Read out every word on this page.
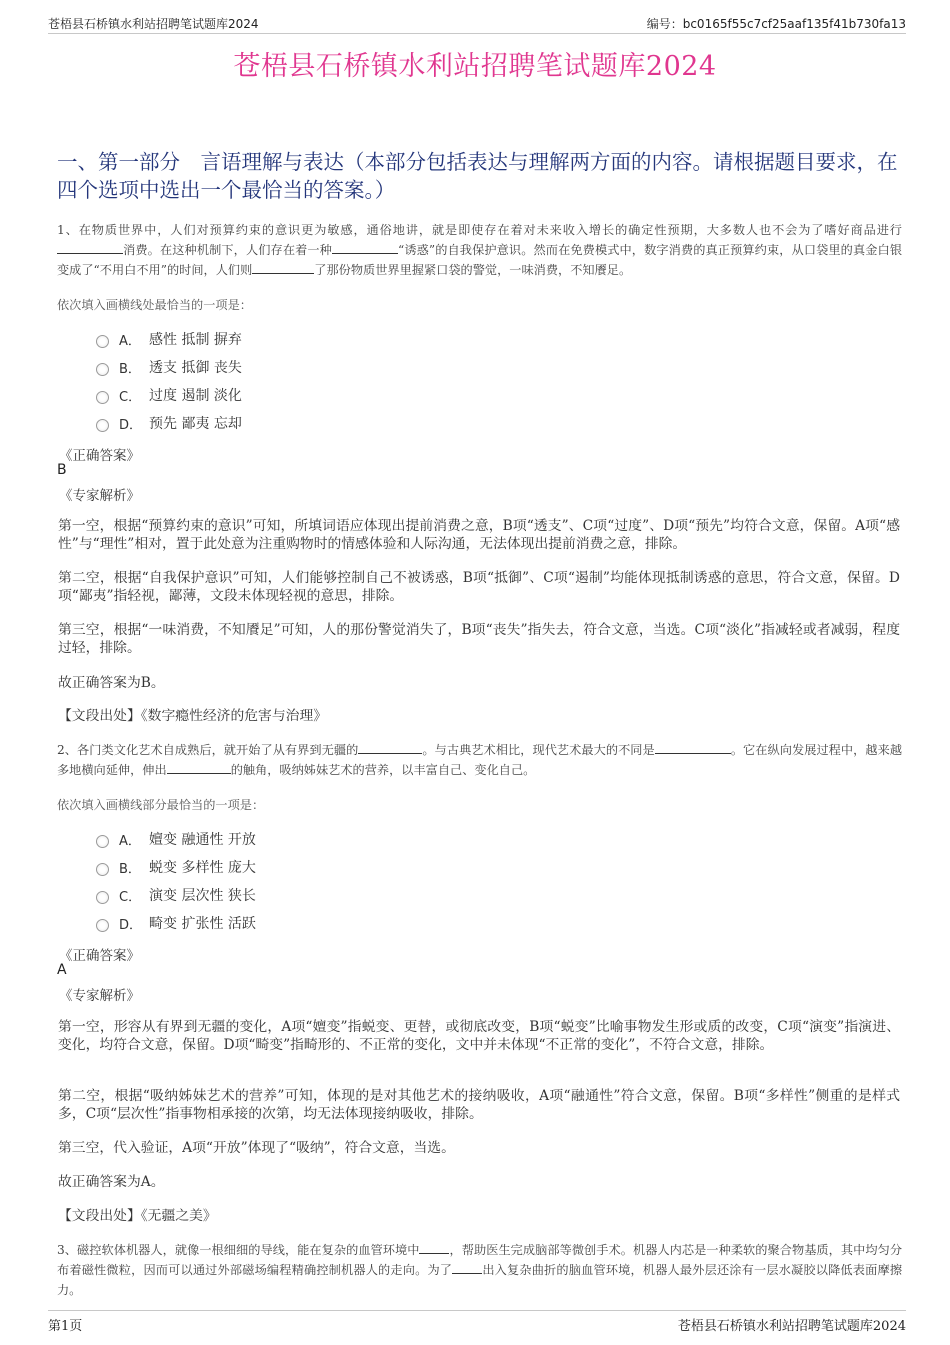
苍梧县石桥镇水利站招聘笔试题库2024	编号：bc0165f55c7cf25aaf135f41b730fa13
苍梧县石桥镇水利站招聘笔试题库2024
一、第一部分　言语理解与表达（本部分包括表达与理解两方面的内容。请根据题目要求，在四个选项中选出一个最恰当的答案。）
1、在物质世界中，人们对预算约束的意识更为敏感，通俗地讲，就是即使存在着对未来收入增长的确定性预期，大多数人也不会为了嗜好商品进行消费。在这种机制下，人们存在着一种	“诱惑”的自我保护意识。然而在免费模式中，数字消费的真正预算约束，从口袋里的真金白银变成了“不用白不用”的时间，人们则	了那份物质世界里握紧口袋的警觉，一味消费，不知餍足。
依次填入画横线处最恰当的一项是：
A． 感性 抵制 摒弃
B． 透支 抵御 丧失
C． 过度 遏制 淡化
D． 预先 鄙夷 忘却
《正确答案》
B
《专家解析》
第一空，根据“预算约束的意识”可知，所填词语应体现出提前消费之意，B项“透支”、C项“过度”、D项“预先”均符合文意，保留。A项“感性”与“理性”相对，置于此处意为注重购物时的情感体验和人际沟通，无法体现出提前消费之意，排除。
第二空，根据“自我保护意识”可知，人们能够控制自己不被诱惑，B项“抵御”、C项“遏制”均能体现抵制诱惑的意思，符合文意，保留。D项“鄙夷”指轻视，鄙薄，文段未体现轻视的意思，排除。
第三空，根据“一味消费，不知餍足”可知，人的那份警觉消失了，B项“丧失”指失去，符合文意，当选。C项“淡化”指减轻或者减弱，程度过轻，排除。
故正确答案为B。
【文段出处】《数字瘾性经济的危害与治理》
2、各门类文化艺术自成熟后，就开始了从有界到无疆的	。与古典艺术相比，现代艺术最大的不同是	。它在纵向发展过程中，越来越多地横向延伸，伸出	的触角，吸纳姊妹艺术的营养，以丰富自己、变化自己。
依次填入画横线部分最恰当的一项是：
A． 嬗变 融通性 开放
B． 蜕变 多样性 庞大
C． 演变 层次性 狭长
D． 畸变 扩张性 活跃
《正确答案》
A
《专家解析》
第一空，形容从有界到无疆的变化，A项“嬗变”指蜕变、更替，或彻底改变，B项“蜕变”比喻事物发生形或质的改变，C项“演变”指演进、变化，均符合文意，保留。D项“畸变”指畸形的、不正常的变化，文中并未体现“不正常的变化”，不符合文意，排除。
第二空，根据“吸纳姊妹艺术的营养”可知，体现的是对其他艺术的接纳吸收，A项“融通性”符合文意，保留。B项“多样性”侧重的是样式多，C项“层次性”指事物相承接的次第，均无法体现接纳吸收，排除。
第三空，代入验证，A项“开放”体现了“吸纳”，符合文意，当选。
故正确答案为A。
【文段出处】《无疆之美》
3、磁控软体机器人，就像一根细细的导线，能在复杂的血管环境中 ，帮助医生完成脑部等微创手术。机器人内芯是一种柔软的聚合物基质，其中均匀分布着磁性微粒，因而可以通过外部磁场编程精确控制机器人的走向。为了 出入复杂曲折的脑血管环境，机器人最外层还涂有一层水凝胶以降低表面摩擦力。
第1页	苍梧县石桥镇水利站招聘笔试题库2024
